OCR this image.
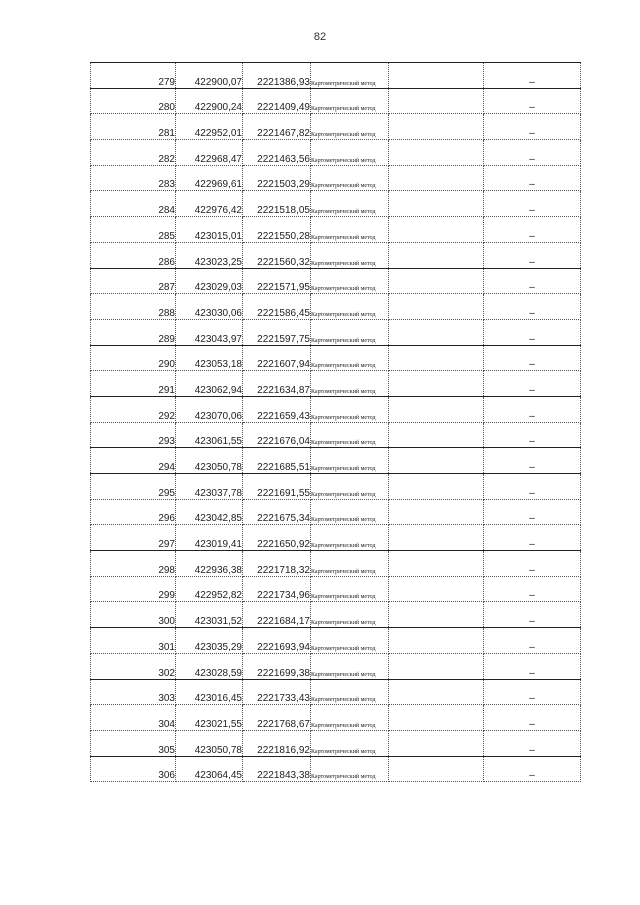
82
279	422900,07	2221386,93	Картометрический метод		–
280	422900,24	2221409,49	Картометрический метод		–
281	422952,01	2221467,82	Картометрический метод		–
282	422968,47	2221463,56	Картометрический метод		–
283	422969,61	2221503,29	Картометрический метод		–
284	422976,42	2221518,05	Картометрический метод		–
285	423015,01	2221550,28	Картометрический метод		–
286	423023,25	2221560,32	Картометрический метод		–
287	423029,03	2221571,95	Картометрический метод		–
288	423030,06	2221586,45	Картометрический метод		–
289	423043,97	2221597,75	Картометрический метод		–
290	423053,18	2221607,94	Картометрический метод		–
291	423062,94	2221634,87	Картометрический метод		–
292	423070,06	2221659,43	Картометрический метод		–
293	423061,55	2221676,04	Картометрический метод		–
294	423050,78	2221685,51	Картометрический метод		–
295	423037,78	2221691,55	Картометрический метод		–
296	423042,85	2221675,34	Картометрический метод		–
297	423019,41	2221650,92	Картометрический метод		–
298	422936,38	2221718,32	Картометрический метод		–
299	422952,82	2221734,96	Картометрический метод		–
300	423031,52	2221684,17	Картометрический метод		–
301	423035,29	2221693,94	Картометрический метод		–
302	423028,59	2221699,38	Картометрический метод		–
303	423016,45	2221733,43	Картометрический метод		–
304	423021,55	2221768,67	Картометрический метод		–
305	423050,78	2221816,92	Картометрический метод		–
306	423064,45	2221843,38	Картометрический метод		–
